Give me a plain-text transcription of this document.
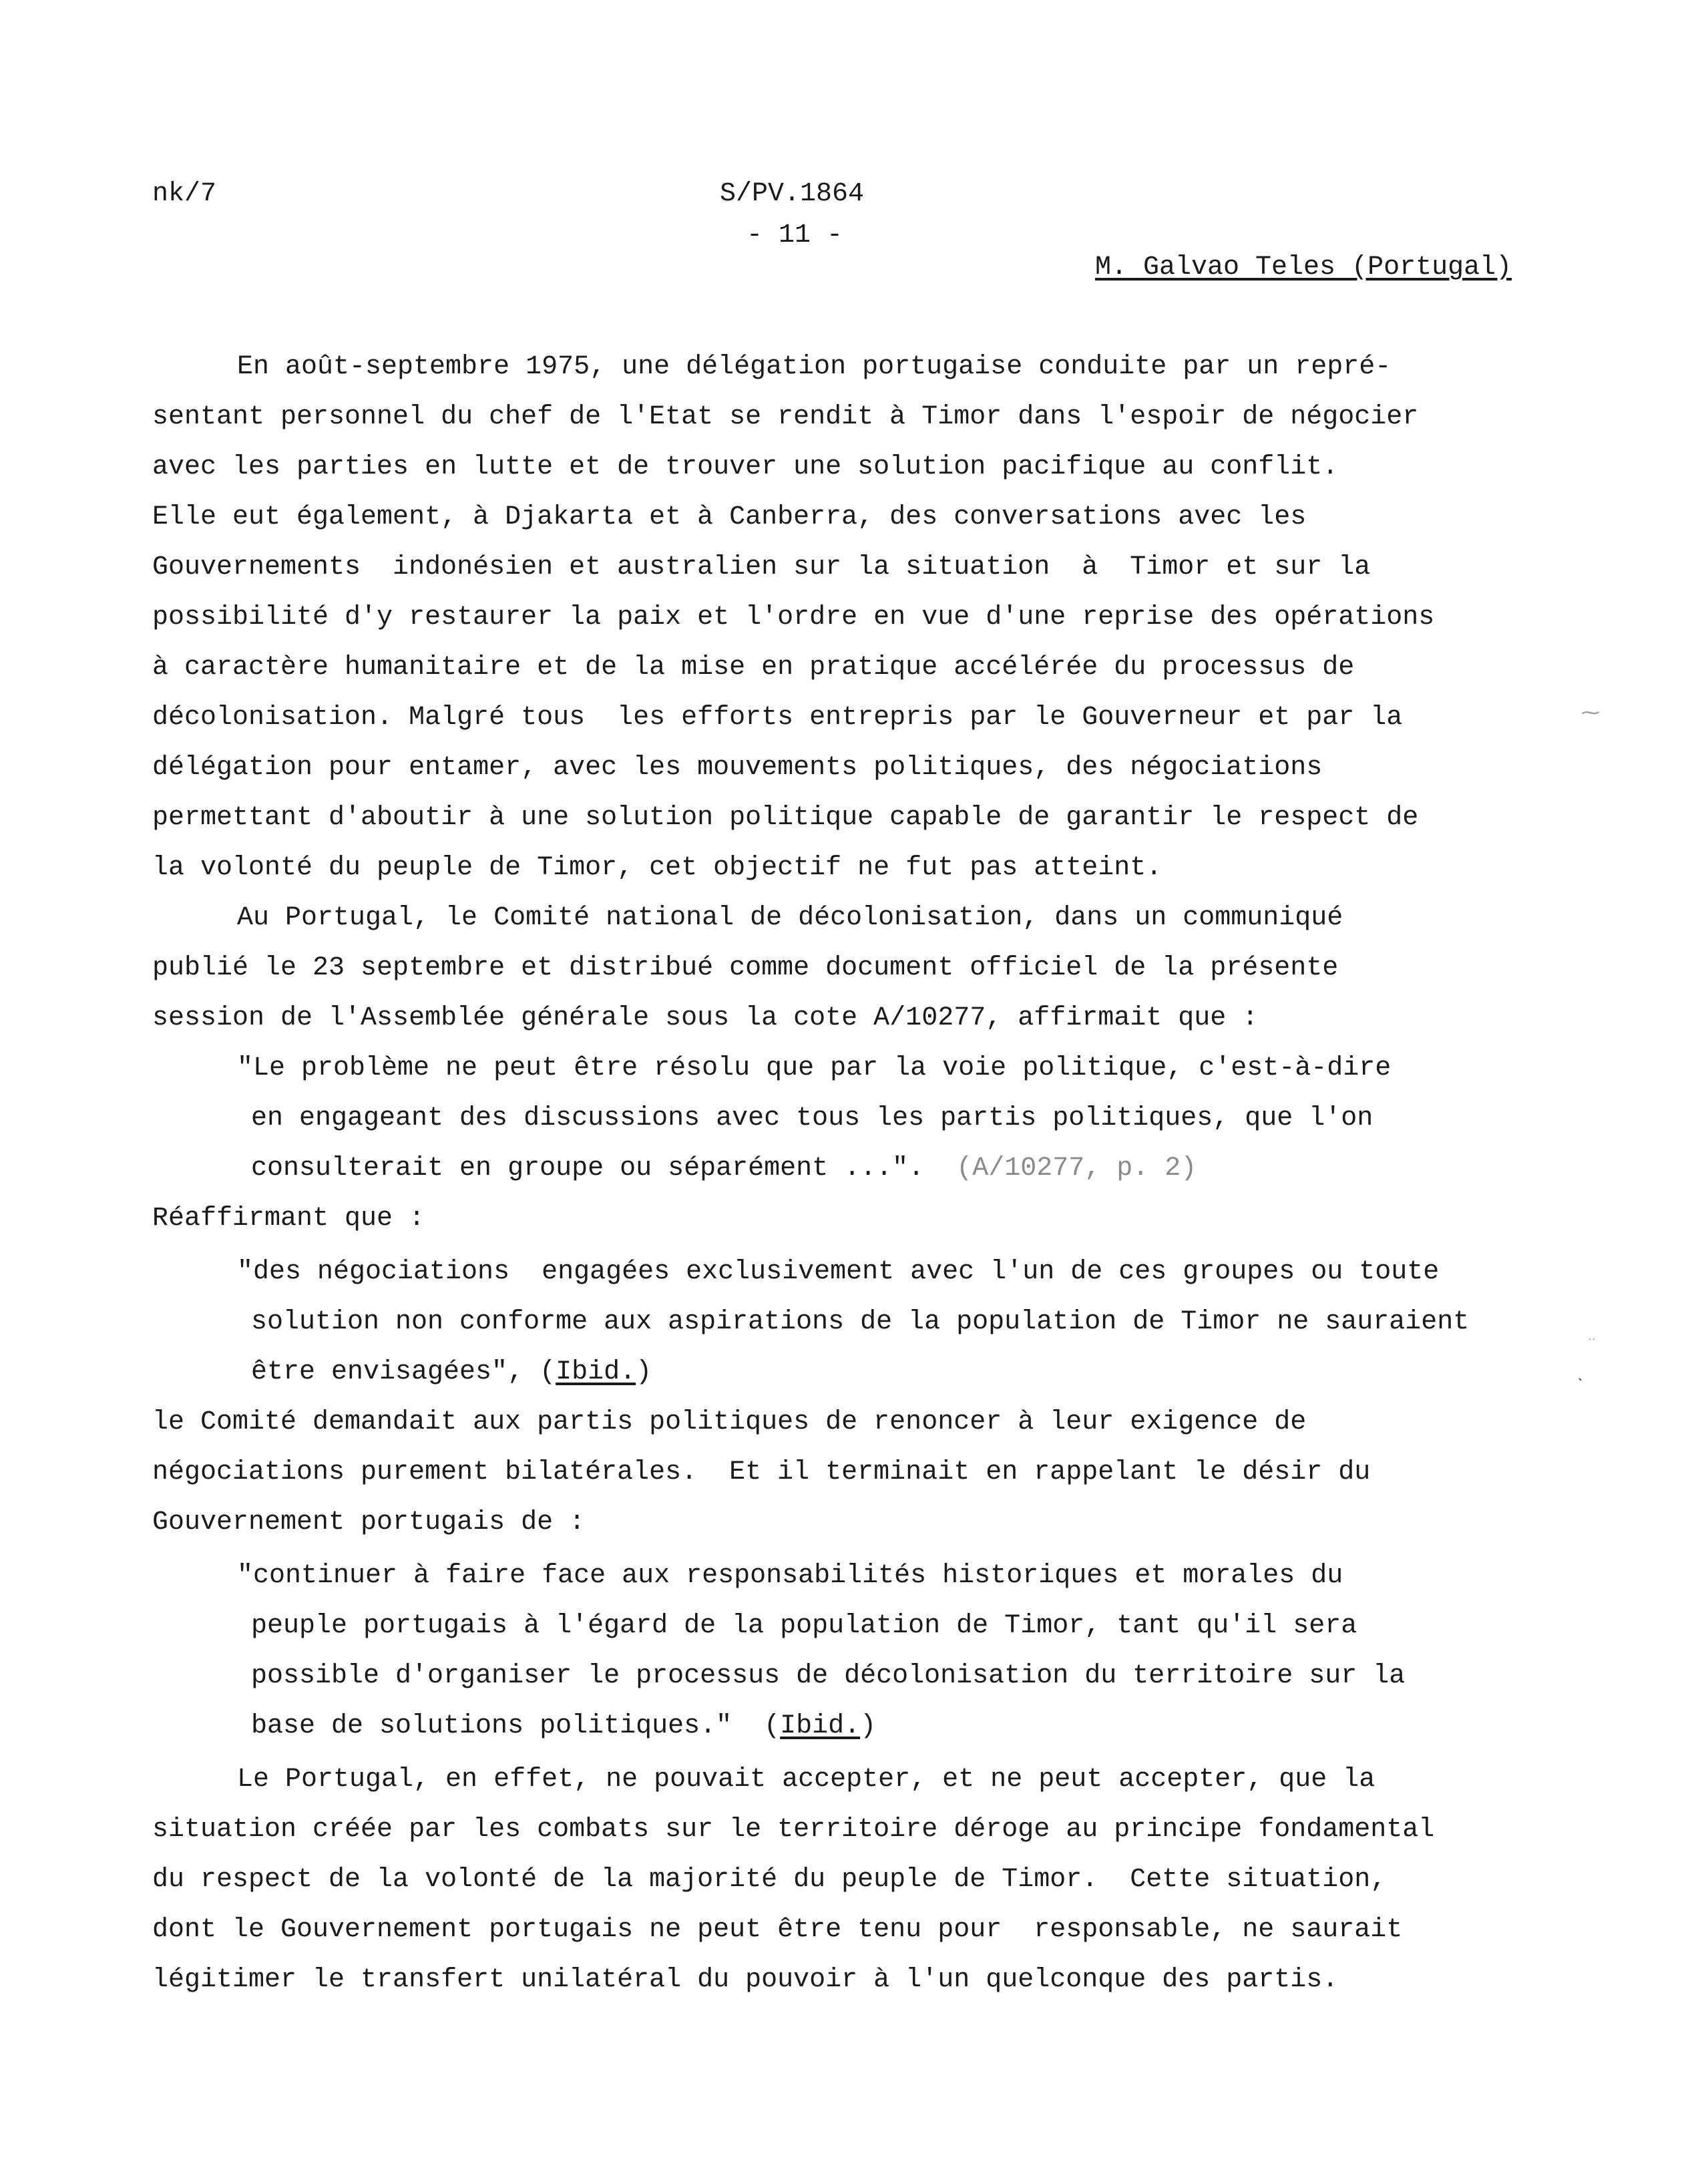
nk/7	S/PV.1864
- 11 -
M. Galvao Teles (Portugal)
En août-septembre 1975, une délégation portugaise conduite par un repré-
sentant personnel du chef de l'Etat se rendit à Timor dans l'espoir de négocier
avec les parties en lutte et de trouver une solution pacifique au conflit.
Elle eut également, à Djakarta et à Canberra, des conversations avec les
Gouvernements  indonésien et australien sur la situation  à  Timor et sur la
possibilité d'y restaurer la paix et l'ordre en vue d'une reprise des opérations
à caractère humanitaire et de la mise en pratique accélérée du processus de
décolonisation. Malgré tous  les efforts entrepris par le Gouverneur et par la
délégation pour entamer, avec les mouvements politiques, des négociations
permettant d'aboutir à une solution politique capable de garantir le respect de
la volonté du peuple de Timor, cet objectif ne fut pas atteint.
Au Portugal, le Comité national de décolonisation, dans un communiqué
publié le 23 septembre et distribué comme document officiel de la présente
session de l'Assemblée générale sous la cote A/10277, affirmait que :
"Le problème ne peut être résolu que par la voie politique, c'est-à-dire
en engageant des discussions avec tous les partis politiques, que l'on
consulterait en groupe ou séparément ...". (A/10277, p. 2)
Réaffirmant que :
"des négociations  engagées exclusivement avec l'un de ces groupes ou toute
solution non conforme aux aspirations de la population de Timor ne sauraient
être envisagées", (Ibid.)
le Comité demandait aux partis politiques de renoncer à leur exigence de
négociations purement bilatérales.  Et il terminait en rappelant le désir du
Gouvernement portugais de :
"continuer à faire face aux responsabilités historiques et morales du
peuple portugais à l'égard de la population de Timor, tant qu'il sera
possible d'organiser le processus de décolonisation du territoire sur la
base de solutions politiques."  (Ibid.)
Le Portugal, en effet, ne pouvait accepter, et ne peut accepter, que la
situation créée par les combats sur le territoire déroge au principe fondamental
du respect de la volonté de la majorité du peuple de Timor.  Cette situation,
dont le Gouvernement portugais ne peut être tenu pour  responsable, ne saurait
légitimer le transfert unilatéral du pouvoir à l'un quelconque des partis.
⁓
‥
ˎ
